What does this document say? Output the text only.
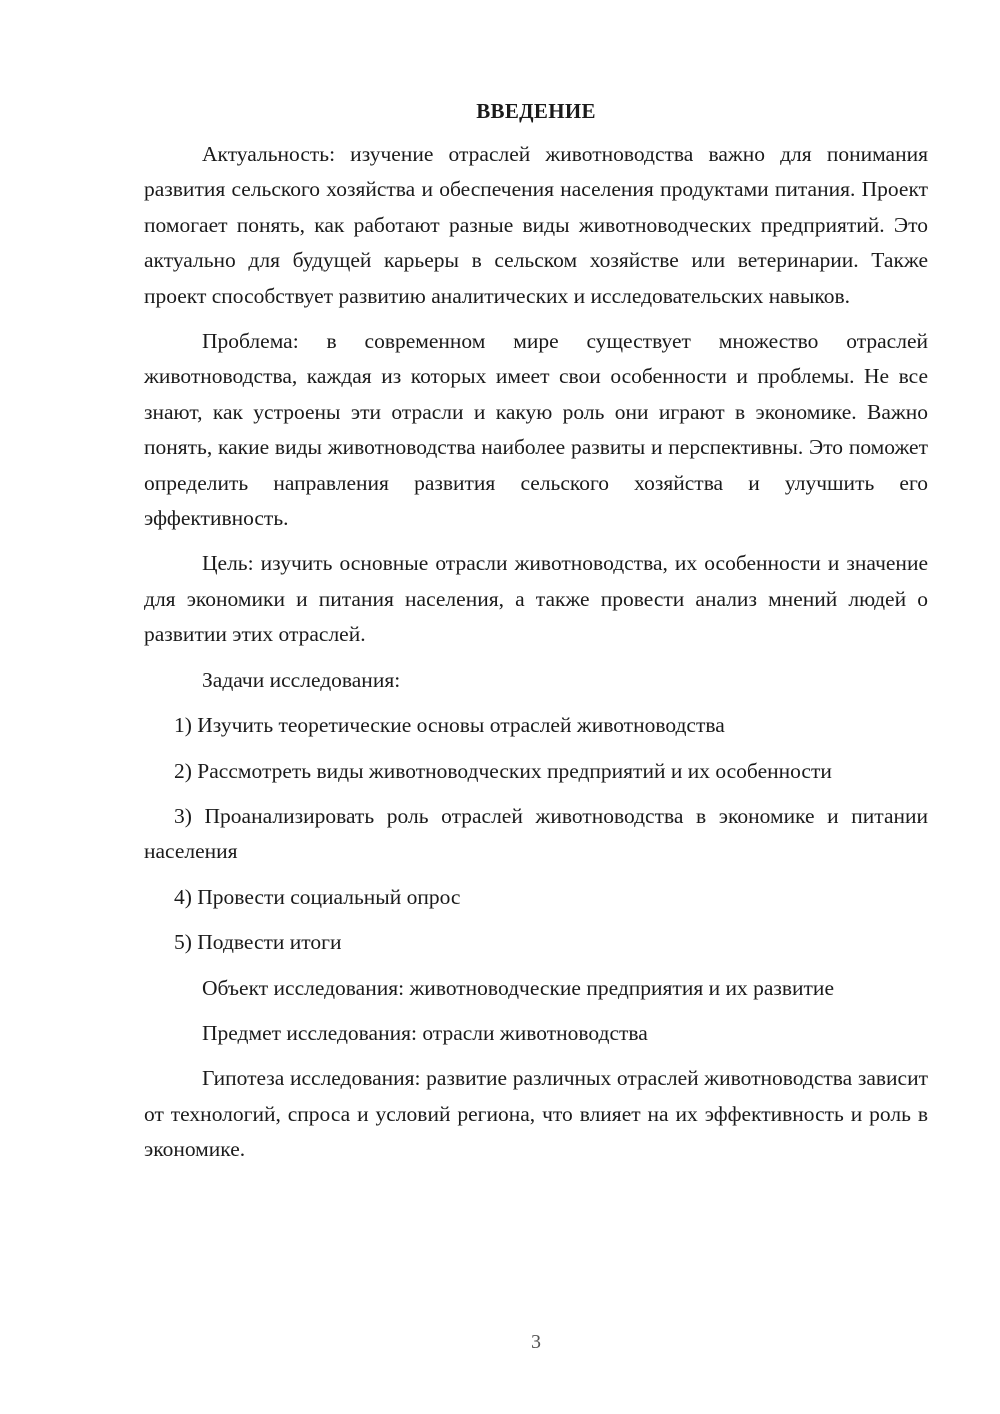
ВВЕДЕНИЕ

Актуальность: изучение отраслей животноводства важно для понимания развития сельского хозяйства и обеспечения населения продуктами питания. Проект помогает понять, как работают разные виды животноводческих предприятий. Это актуально для будущей карьеры в сельском хозяйстве или ветеринарии. Также проект способствует развитию аналитических и исследовательских навыков.

Проблема: в современном мире существует множество отраслей животноводства, каждая из которых имеет свои особенности и проблемы. Не все знают, как устроены эти отрасли и какую роль они играют в экономике. Важно понять, какие виды животноводства наиболее развиты и перспективны. Это поможет определить направления развития сельского хозяйства и улучшить его эффективность.

Цель: изучить основные отрасли животноводства, их особенности и значение для экономики и питания населения, а также провести анализ мнений людей о развитии этих отраслей.

Задачи исследования:

1) Изучить теоретические основы отраслей животноводства

2) Рассмотреть виды животноводческих предприятий и их особенности

3) Проанализировать роль отраслей животноводства в экономике и питании населения

4) Провести социальный опрос

5) Подвести итоги

Объект исследования: животноводческие предприятия и их развитие

Предмет исследования: отрасли животноводства

Гипотеза исследования: развитие различных отраслей животноводства зависит от технологий, спроса и условий региона, что влияет на их эффективность и роль в экономике.

3
